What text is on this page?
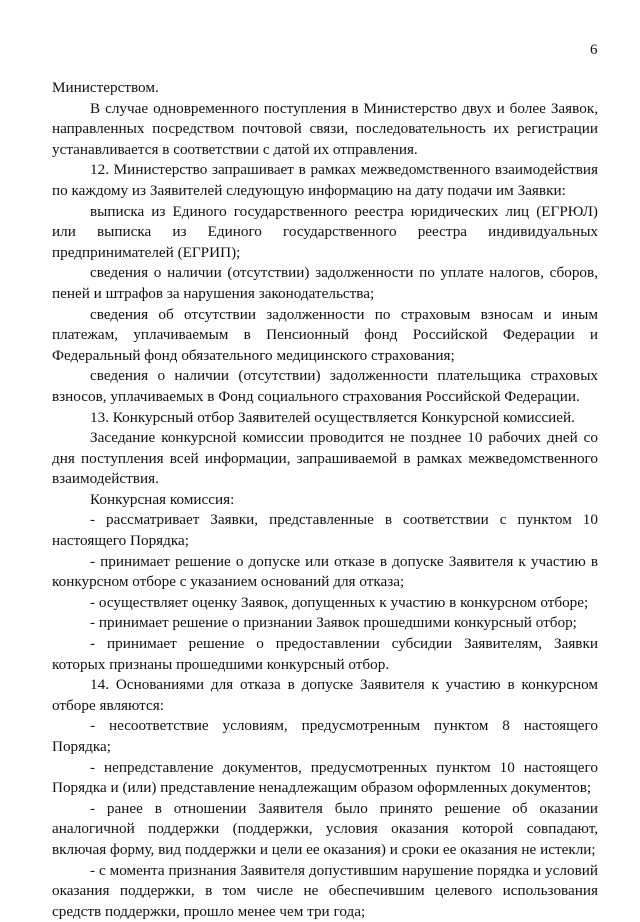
6

Министерством.

В случае одновременного поступления в Министерство двух и более Заявок, направленных посредством почтовой связи, последовательность их регистрации устанавливается в соответствии с датой их отправления.

12. Министерство запрашивает в рамках межведомственного взаимодействия по каждому из Заявителей следующую информацию на дату подачи им Заявки:

выписка из Единого государственного реестра юридических лиц (ЕГРЮЛ) или выписка из Единого государственного реестра индивидуальных предпринимателей (ЕГРИП);

сведения о наличии (отсутствии) задолженности по уплате налогов, сборов, пеней и штрафов за нарушения законодательства;

сведения об отсутствии задолженности по страховым взносам и иным платежам, уплачиваемым в Пенсионный фонд Российской Федерации и Федеральный фонд обязательного медицинского страхования;

сведения о наличии (отсутствии) задолженности плательщика страховых взносов, уплачиваемых в Фонд социального страхования Российской Федерации.

13. Конкурсный отбор Заявителей осуществляется Конкурсной комиссией.

Заседание конкурсной комиссии проводится не позднее 10 рабочих дней со дня поступления всей информации, запрашиваемой в рамках межведомственного взаимодействия.

Конкурсная комиссия:

- рассматривает Заявки, представленные в соответствии с пунктом 10 настоящего Порядка;

- принимает решение о допуске или отказе в допуске Заявителя к участию в конкурсном отборе с указанием оснований для отказа;

- осуществляет оценку Заявок, допущенных к участию в конкурсном отборе;

- принимает решение о признании Заявок прошедшими конкурсный отбор;

- принимает решение о предоставлении субсидии Заявителям, Заявки которых признаны прошедшими конкурсный отбор.

14. Основаниями для отказа в допуске Заявителя к участию в конкурсном отборе являются:

- несоответствие условиям, предусмотренным пунктом 8 настоящего Порядка;

- непредставление документов, предусмотренных пунктом 10 настоящего Порядка и (или) представление ненадлежащим образом оформленных документов;

- ранее в отношении Заявителя было принято решение об оказании аналогичной поддержки (поддержки, условия оказания которой совпадают, включая форму, вид поддержки и цели ее оказания) и сроки ее оказания не истекли;

- с момента признания Заявителя допустившим нарушение порядка и условий оказания поддержки, в том числе не обеспечившим целевого использования средств поддержки, прошло менее чем три года;
